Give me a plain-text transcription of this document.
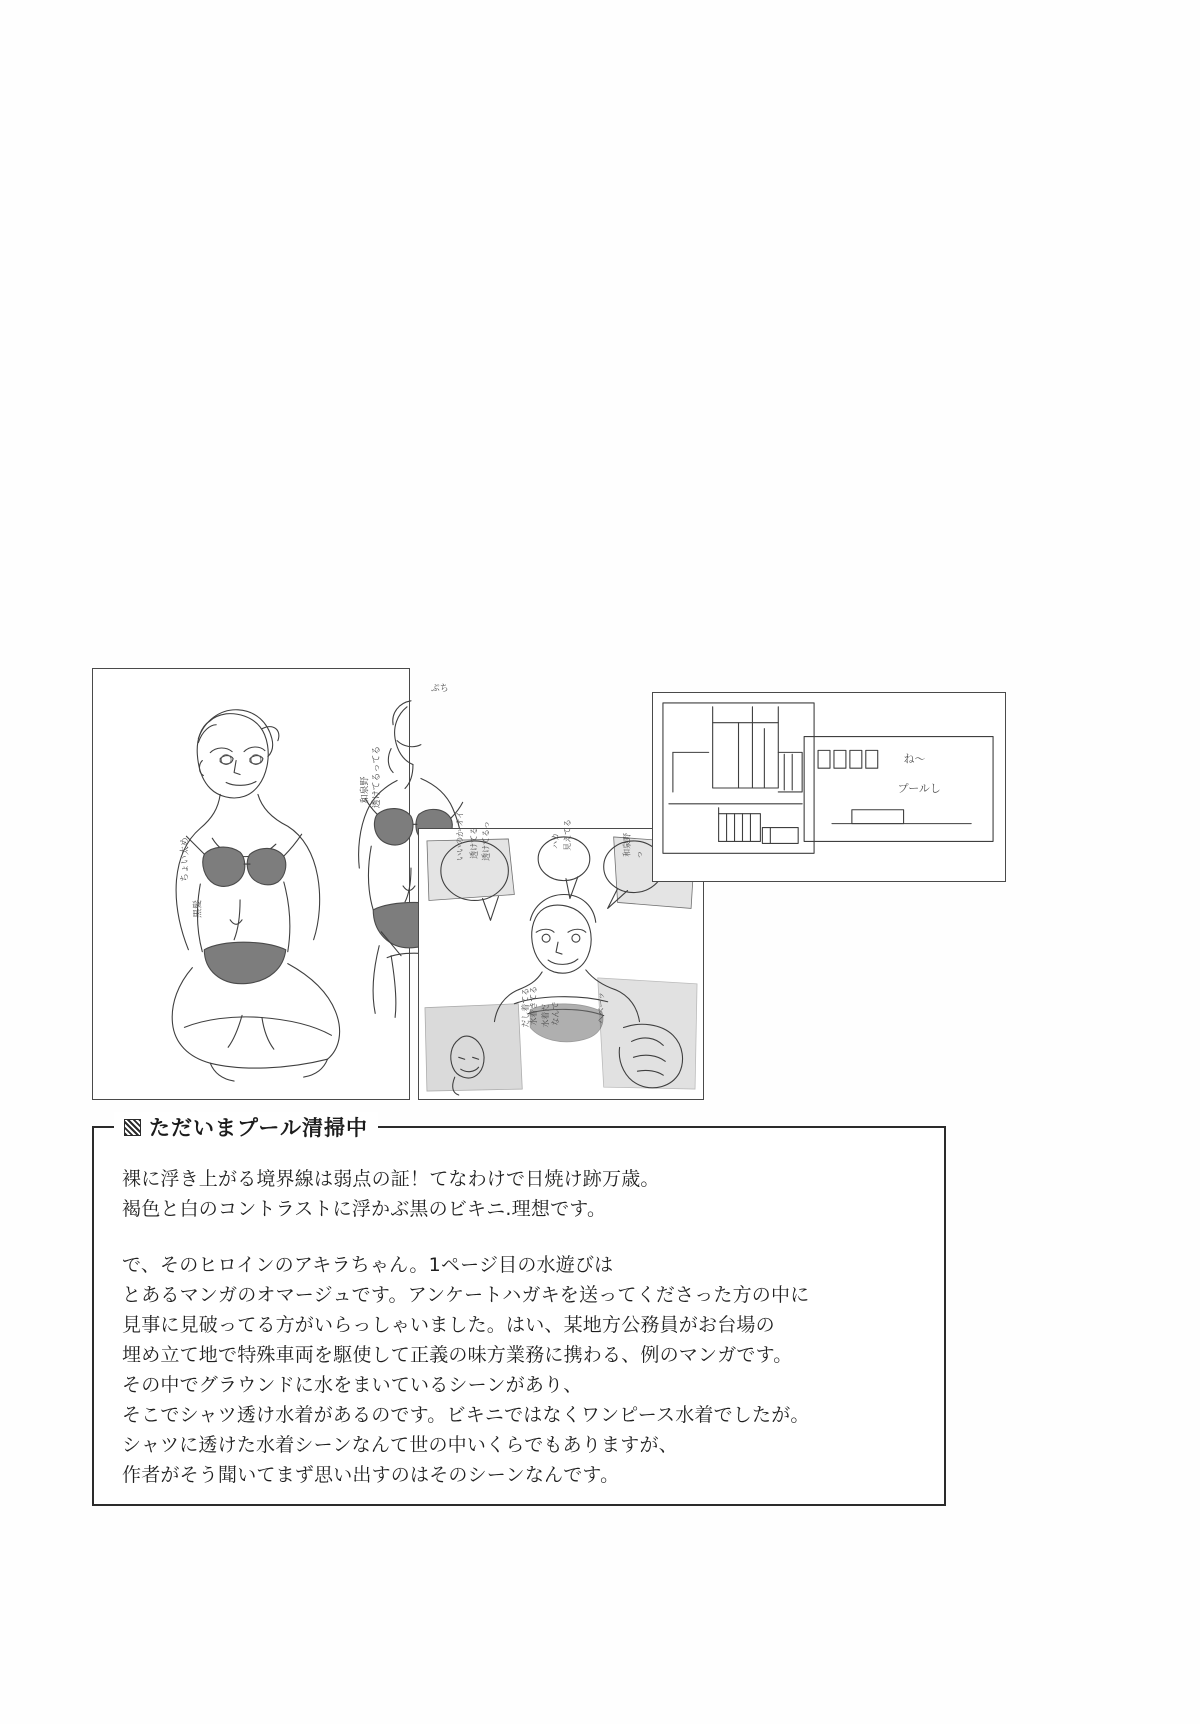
ちょい太め
黒髪
ぷち
和泉野 透けてるってる
いいのか オイ 透けてる 透けてるっ	ハカ 見えてる	和泉野 っ
水着きてる 水着だ なんで
だし着てる	ヘベーッ
ね〜
プールし
ただいまプール清掃中
裸に浮き上がる境界線は弱点の証！てなわけで日焼け跡万歳。
褐色と白のコントラストに浮かぶ黒のビキニ.理想です。
で、そのヒロインのアキラちゃん。1ページ目の水遊びは
とあるマンガのオマージュです。アンケートハガキを送ってくださった方の中に
見事に見破ってる方がいらっしゃいました。はい、某地方公務員がお台場の
埋め立て地で特殊車両を駆使して正義の味方業務に携わる、例のマンガです。
その中でグラウンドに水をまいているシーンがあり、
そこでシャツ透け水着があるのです。ビキニではなくワンピース水着でしたが。
シャツに透けた水着シーンなんて世の中いくらでもありますが、
作者がそう聞いてまず思い出すのはそのシーンなんです。
